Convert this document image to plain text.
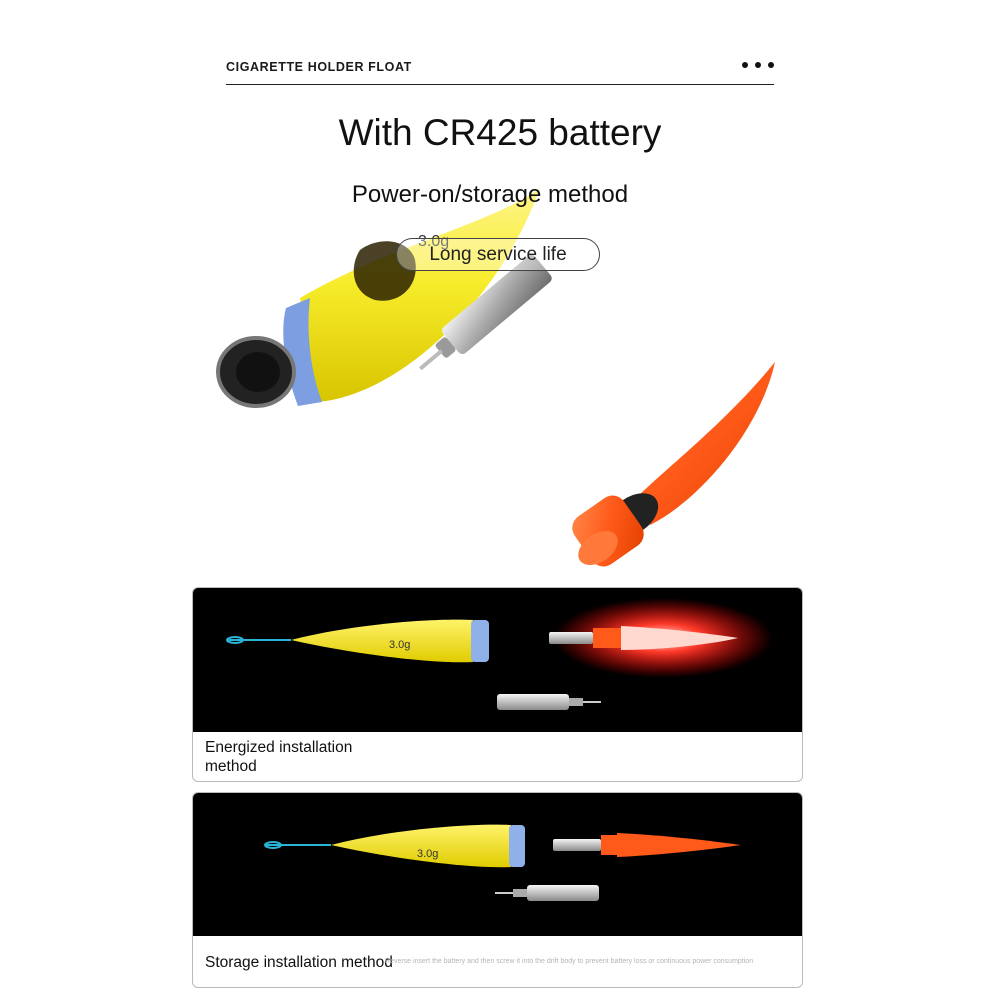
CIGARETTE HOLDER FLOAT
3.0g
With CR425 battery
Power-on/storage method
Long service life
3.0g
Energized installation method
3.0g
Storage installation method
Reverse insert the battery and then screw it into the drift body to prevent battery loss or continuous power consumption
